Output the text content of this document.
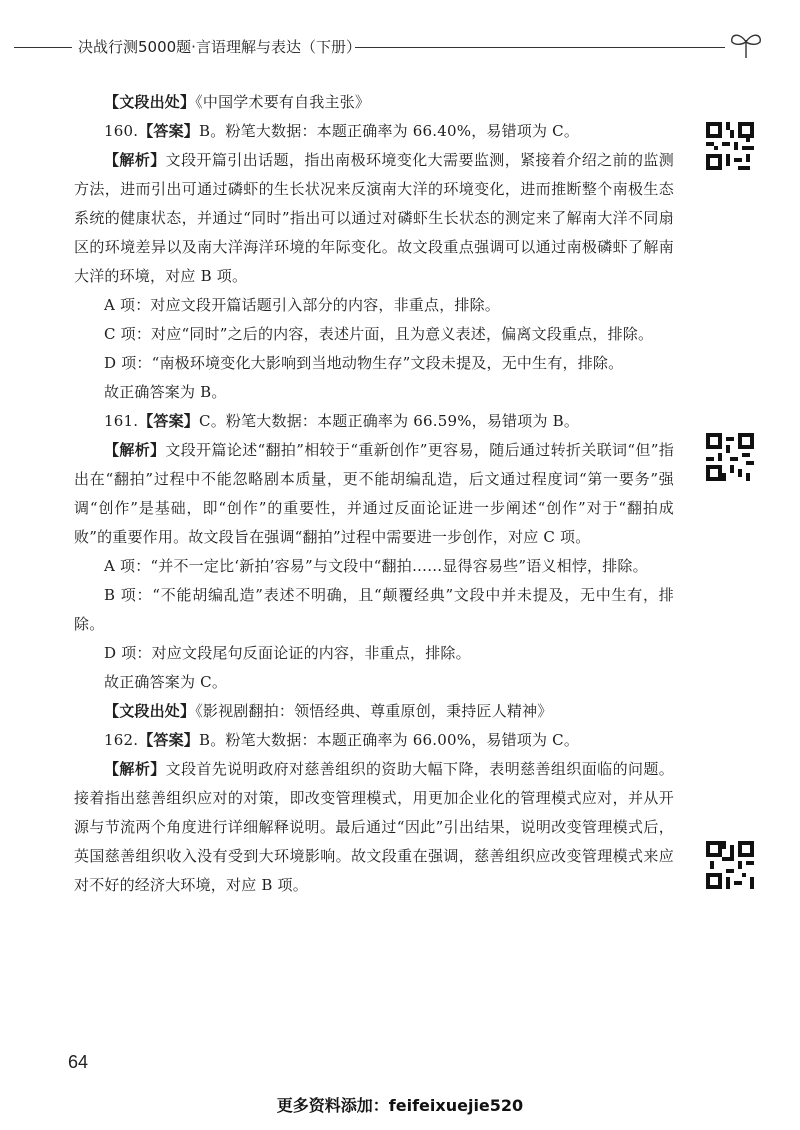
决战行测5000题·言语理解与表达（下册）

【文段出处】《中国学术要有自我主张》

160.【答案】B。粉笔大数据：本题正确率为 66.40%，易错项为 C。

【解析】文段开篇引出话题，指出南极环境变化大需要监测，紧接着介绍之前的监测方法，进而引出可通过磷虾的生长状况来反演南大洋的环境变化，进而推断整个南极生态系统的健康状态，并通过“同时”指出可以通过对磷虾生长状态的测定来了解南大洋不同扇区的环境差异以及南大洋海洋环境的年际变化。故文段重点强调可以通过南极磷虾了解南大洋的环境，对应 B 项。

A 项：对应文段开篇话题引入部分的内容，非重点，排除。

C 项：对应“同时”之后的内容，表述片面，且为意义表述，偏离文段重点，排除。

D 项：“南极环境变化大影响到当地动物生存”文段未提及，无中生有，排除。

故正确答案为 B。

161.【答案】C。粉笔大数据：本题正确率为 66.59%，易错项为 B。

【解析】文段开篇论述“翻拍”相较于“重新创作”更容易，随后通过转折关联词“但”指出在“翻拍”过程中不能忽略剧本质量，更不能胡编乱造，后文通过程度词“第一要务”强调“创作”是基础，即“创作”的重要性，并通过反面论证进一步阐述“创作”对于“翻拍成败”的重要作用。故文段旨在强调“翻拍”过程中需要进一步创作，对应 C 项。

A 项：“并不一定比‘新拍’容易”与文段中“翻拍……显得容易些”语义相悖，排除。

B 项：“不能胡编乱造”表述不明确，且“颠覆经典”文段中并未提及，无中生有，排除。

D 项：对应文段尾句反面论证的内容，非重点，排除。

故正确答案为 C。

【文段出处】《影视剧翻拍：领悟经典、尊重原创，秉持匠人精神》

162.【答案】B。粉笔大数据：本题正确率为 66.00%，易错项为 C。

【解析】文段首先说明政府对慈善组织的资助大幅下降，表明慈善组织面临的问题。接着指出慈善组织应对的对策，即改变管理模式，用更加企业化的管理模式应对，并从开源与节流两个角度进行详细解释说明。最后通过“因此”引出结果，说明改变管理模式后，英国慈善组织收入没有受到大环境影响。故文段重在强调，慈善组织应改变管理模式来应对不好的经济大环境，对应 B 项。

64
更多资料添加：feifeixuejie520
